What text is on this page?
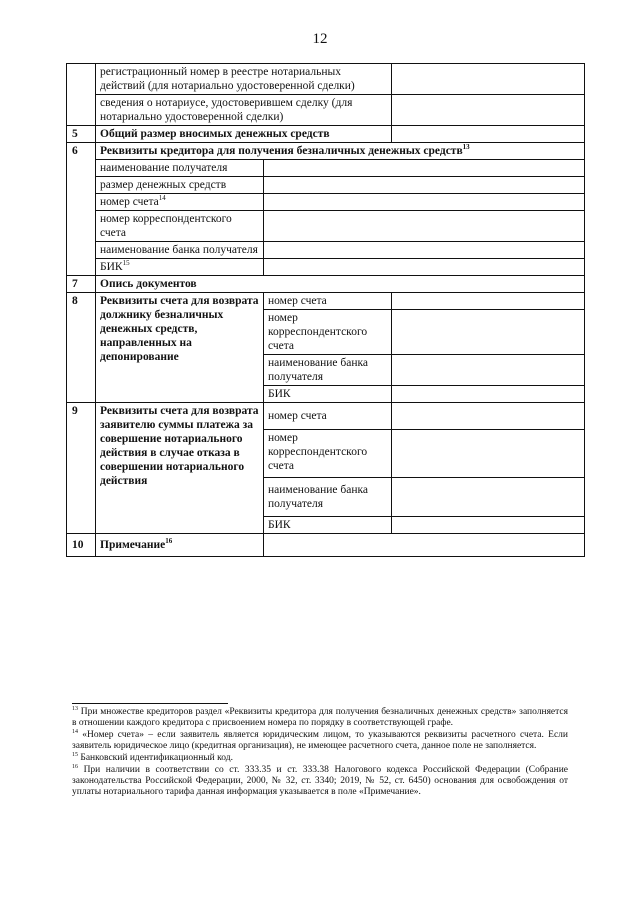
12
	регистрационный номер в реестре нотариальных действий (для нотариально удостоверенной сделки)		
	сведения о нотариусе, удостоверившем сделку (для нотариально удостоверенной сделки)		
5	Общий размер вносимых денежных средств		
6	Реквизиты кредитора для получения безналичных денежных средств$^{13}$
	наименование получателя		
	размер денежных средств		
	номер счета$^{14}$	
	номер корреспондентского счета		
	наименование банка получателя		
	БИК$^{15}$	
7	Опись документов		
8	Реквизиты счета для возврата должнику безналичных денежных средств, направленных на депонирование	номер счета	
		номер корреспондентского счета	
		наименование банка получателя	
		БИК	
9	Реквизиты счета для возврата заявителю суммы платежа за совершение нотариального действия в случае отказа в совершении нотариального действия	номер счета	
		номер корреспондентского счета	
		наименование банка получателя	
		БИК	
10	Примечание$^{16}$	

$^{13}$ При множестве кредиторов раздел «Реквизиты кредитора для получения безналичных денежных средств» заполняется в отношении каждого кредитора с присвоением номера по порядку в соответствующей графе.

$^{14}$ «Номер счета» – если заявитель является юридическим лицом, то указываются реквизиты расчетного счета. Если заявитель юридическое лицо (кредитная организация), не имеющее расчетного счета, данное поле не заполняется.

$^{15}$ Банковский идентификационный код.

$^{16}$ При наличии в соответствии со ст. 333.35 и ст. 333.38 Налогового кодекса Российской Федерации (Собрание законодательства Российской Федерации, 2000, № 32, ст. 3340; 2019, № 52, ст. 6450) основания для освобождения от уплаты нотариального тарифа данная информация указывается в поле «Примечание».
